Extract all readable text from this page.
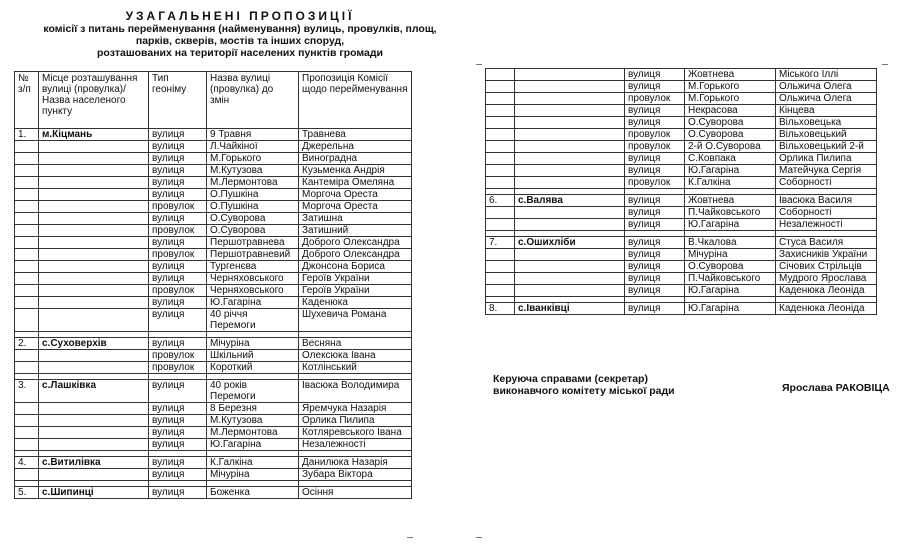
УЗАГАЛЬНЕНІ ПРОПОЗИЦІЇ
комісії з питань перейменування (найменування) вулиць, провулків, площ,
парків, скверів, мостів та інших споруд,
розташованих на території населених пунктів громади
№ з/п	Місце розташування вулиці (провулка)/ Назва населеного пункту	Тип геоніму	Назва вулиці (провулка) до змін	Пропозиція Комісії щодо перейменування
1.	м.Кіцмань	вулиця	9 Травня	Травнева
		вулиця	Л.Чайкіної	Джерельна
		вулиця	М.Горького	Виноградна
		вулиця	М.Кутузова	Кузьменка Андрія
		вулиця	М.Лермонтова	Кантеміра Омеляна
		вулиця	О.Пушкіна	Моргоча Ореста
		провулок	О.Пушкіна	Моргоча Ореста
		вулиця	О.Суворова	Затишна
		провулок	О.Суворова	Затишний
		вулиця	Першотравнева	Доброго Олександра
		провулок	Першотравневий	Доброго Олександра
		вулиця	Тургенєва	Джонсона Бориса
		вулиця	Черняховського	Героїв України
		провулок	Черняховського	Героїв України
		вулиця	Ю.Гагаріна	Каденюка
		вулиця	40 річчя Перемоги	Шухевича Романа

2.	с.Суховерхів	вулиця	Мічуріна	Весняна
		провулок	Шкільний	Олексюка Івана
		провулок	Короткий	Котлінський

3.	с.Лашківка	вулиця	40 років Перемоги	Івасюка Володимира
		вулиця	8 Березня	Яремчука Назарія
		вулиця	М.Кутузова	Орлика Пилипа
		вулиця	М.Лермонтова	Котляревського Івана
		вулиця	Ю.Гагаріна	Незалежності

4.	с.Витилівка	вулиця	К.Галкіна	Данилюка Назарія
		вулиця	Мічуріна	Зубара Віктора

5.	с.Шипинці	вулиця	Боженка	Осіння
		вулиця	Жовтнева	Міського Іллі
		вулиця	М.Горького	Ольжича Олега
		провулок	М.Горького	Ольжича Олега
		вулиця	Некрасова	Кінцева
		вулиця	О.Суворова	Вільховецька
		провулок	О.Суворова	Вільховецький
		провулок	2-й О.Суворова	Вільховецький 2-й
		вулиця	С.Ковпака	Орлика Пилипа
		вулиця	Ю.Гагаріна	Матейчука Сергія
		провулок	К.Галкіна	Соборності

6.	с.Валява	вулиця	Жовтнева	Івасюка Василя
		вулиця	П.Чайковського	Соборності
		вулиця	Ю.Гагаріна	Незалежності

7.	с.Ошихліби	вулиця	В.Чкалова	Стуса Василя
		вулиця	Мічуріна	Захисників України
		вулиця	О.Суворова	Січових Стрільців
		вулиця	П.Чайковського	Мудрого Ярослава
		вулиця	Ю.Гагаріна	Каденюка Леоніда

8.	с.Іванківці	вулиця	Ю.Гагаріна	Каденюка Леоніда
Керуюча справами (секретар)
виконавчого комітету міської ради	Ярослава РАКОВІЦА
